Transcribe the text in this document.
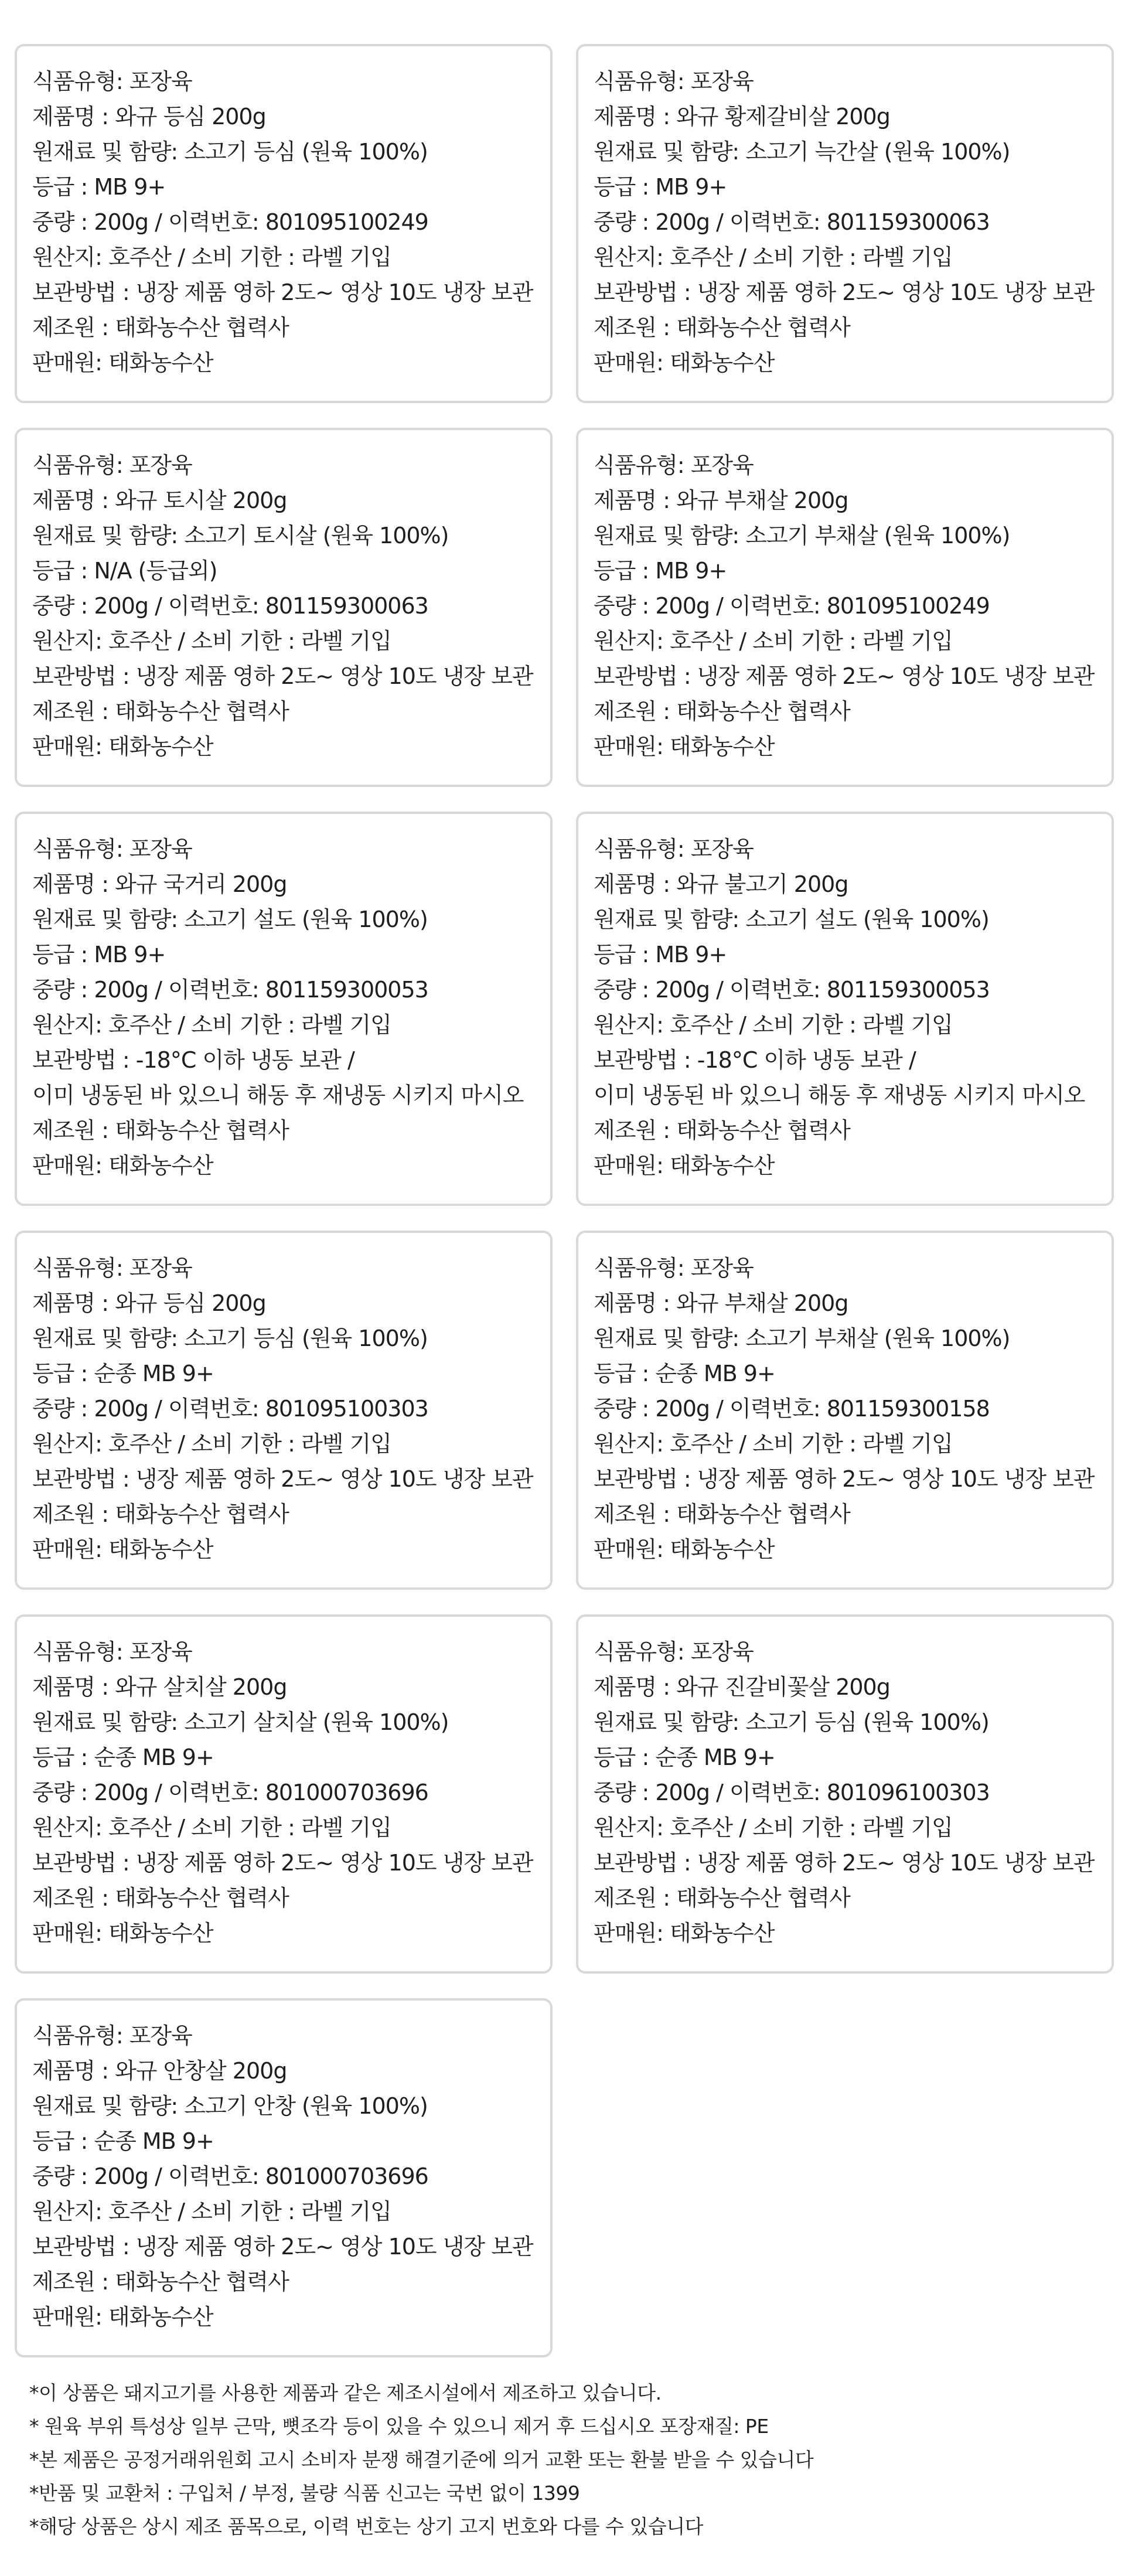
식품유형: 포장육
제품명 : 와규 등심 200g
원재료 및 함량: 소고기 등심 (원육 100%)
등급 : MB 9+
중량 : 200g / 이력번호: 801095100249
원산지: 호주산 / 소비 기한 : 라벨 기입
보관방법 : 냉장 제품 영하 2도~ 영상 10도 냉장 보관
제조원 : 태화농수산 협력사
판매원: 태화농수산
식품유형: 포장육
제품명 : 와규 황제갈비살 200g
원재료 및 함량: 소고기 늑간살 (원육 100%)
등급 : MB 9+
중량 : 200g / 이력번호: 801159300063
원산지: 호주산 / 소비 기한 : 라벨 기입
보관방법 : 냉장 제품 영하 2도~ 영상 10도 냉장 보관
제조원 : 태화농수산 협력사
판매원: 태화농수산
식품유형: 포장육
제품명 : 와규 토시살 200g
원재료 및 함량: 소고기 토시살 (원육 100%)
등급 : N/A (등급외)
중량 : 200g / 이력번호: 801159300063
원산지: 호주산 / 소비 기한 : 라벨 기입
보관방법 : 냉장 제품 영하 2도~ 영상 10도 냉장 보관
제조원 : 태화농수산 협력사
판매원: 태화농수산
식품유형: 포장육
제품명 : 와규 부채살 200g
원재료 및 함량: 소고기 부채살 (원육 100%)
등급 : MB 9+
중량 : 200g / 이력번호: 801095100249
원산지: 호주산 / 소비 기한 : 라벨 기입
보관방법 : 냉장 제품 영하 2도~ 영상 10도 냉장 보관
제조원 : 태화농수산 협력사
판매원: 태화농수산
식품유형: 포장육
제품명 : 와규 국거리 200g
원재료 및 함량: 소고기 설도 (원육 100%)
등급 : MB 9+
중량 : 200g / 이력번호: 801159300053
원산지: 호주산 / 소비 기한 : 라벨 기입
보관방법 : -18°C 이하 냉동 보관 /
이미 냉동된 바 있으니 해동 후 재냉동 시키지 마시오
제조원 : 태화농수산 협력사
판매원: 태화농수산
식품유형: 포장육
제품명 : 와규 불고기 200g
원재료 및 함량: 소고기 설도 (원육 100%)
등급 : MB 9+
중량 : 200g / 이력번호: 801159300053
원산지: 호주산 / 소비 기한 : 라벨 기입
보관방법 : -18°C 이하 냉동 보관 /
이미 냉동된 바 있으니 해동 후 재냉동 시키지 마시오
제조원 : 태화농수산 협력사
판매원: 태화농수산
식품유형: 포장육
제품명 : 와규 등심 200g
원재료 및 함량: 소고기 등심 (원육 100%)
등급 : 순종 MB 9+
중량 : 200g / 이력번호: 801095100303
원산지: 호주산 / 소비 기한 : 라벨 기입
보관방법 : 냉장 제품 영하 2도~ 영상 10도 냉장 보관
제조원 : 태화농수산 협력사
판매원: 태화농수산
식품유형: 포장육
제품명 : 와규 부채살 200g
원재료 및 함량: 소고기 부채살 (원육 100%)
등급 : 순종 MB 9+
중량 : 200g / 이력번호: 801159300158
원산지: 호주산 / 소비 기한 : 라벨 기입
보관방법 : 냉장 제품 영하 2도~ 영상 10도 냉장 보관
제조원 : 태화농수산 협력사
판매원: 태화농수산
식품유형: 포장육
제품명 : 와규 살치살 200g
원재료 및 함량: 소고기 살치살 (원육 100%)
등급 : 순종 MB 9+
중량 : 200g / 이력번호: 801000703696
원산지: 호주산 / 소비 기한 : 라벨 기입
보관방법 : 냉장 제품 영하 2도~ 영상 10도 냉장 보관
제조원 : 태화농수산 협력사
판매원: 태화농수산
식품유형: 포장육
제품명 : 와규 진갈비꽃살 200g
원재료 및 함량: 소고기 등심 (원육 100%)
등급 : 순종 MB 9+
중량 : 200g / 이력번호: 801096100303
원산지: 호주산 / 소비 기한 : 라벨 기입
보관방법 : 냉장 제품 영하 2도~ 영상 10도 냉장 보관
제조원 : 태화농수산 협력사
판매원: 태화농수산
식품유형: 포장육
제품명 : 와규 안창살 200g
원재료 및 함량: 소고기 안창 (원육 100%)
등급 : 순종 MB 9+
중량 : 200g / 이력번호: 801000703696
원산지: 호주산 / 소비 기한 : 라벨 기입
보관방법 : 냉장 제품 영하 2도~ 영상 10도 냉장 보관
제조원 : 태화농수산 협력사
판매원: 태화농수산
*이 상품은 돼지고기를 사용한 제품과 같은 제조시설에서 제조하고 있습니다.
* 원육 부위 특성상 일부 근막, 뼛조각 등이 있을 수 있으니 제거 후 드십시오 포장재질: PE
*본 제품은 공정거래위원회 고시 소비자 분쟁 해결기준에 의거 교환 또는 환불 받을 수 있습니다
*반품 및 교환처 : 구입처 / 부정, 불량 식품 신고는 국번 없이 1399
*해당 상품은 상시 제조 품목으로, 이력 번호는 상기 고지 번호와 다를 수 있습니다
